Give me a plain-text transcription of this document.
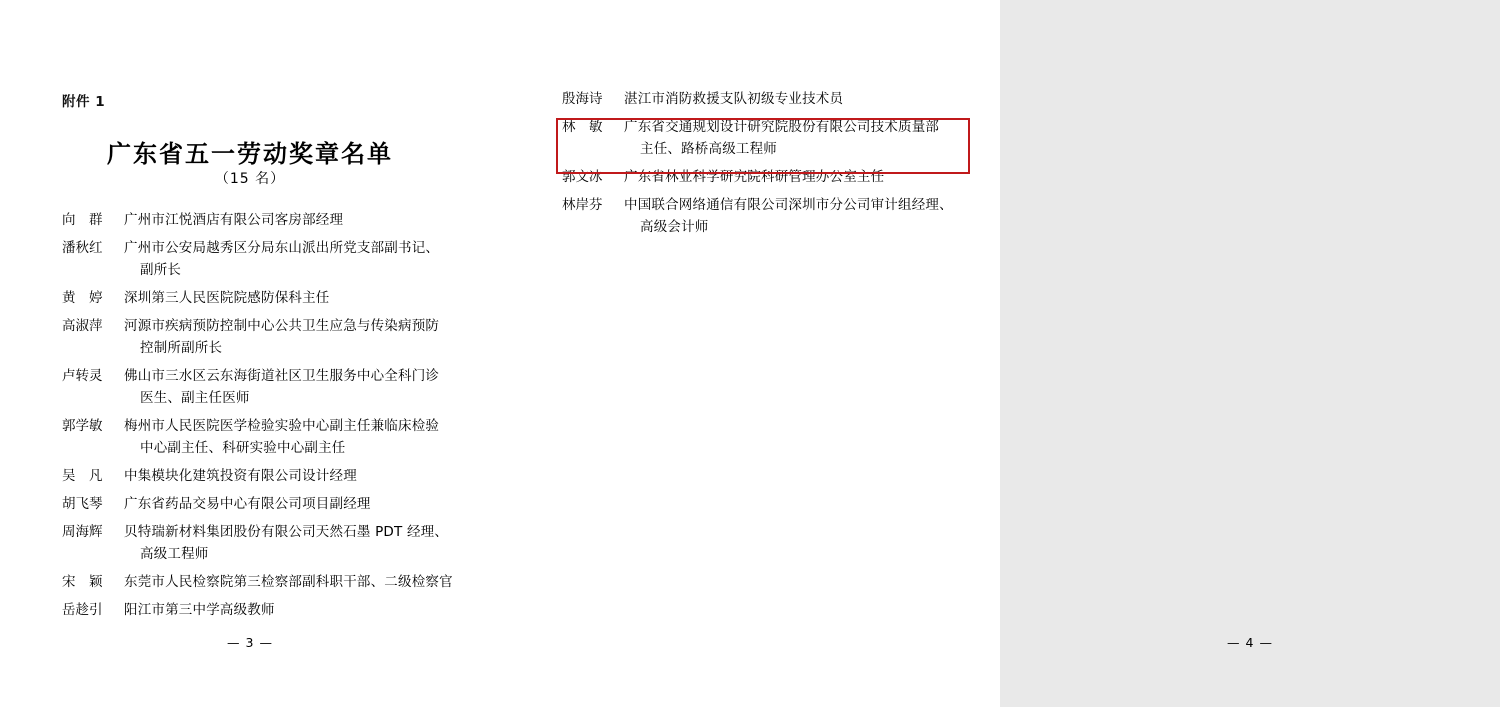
附件 1
广东省五一劳动奖章名单
（15 名）
向　群	广州市江悦酒店有限公司客房部经理
潘秋红	广州市公安局越秀区分局东山派出所党支部副书记、
副所长
黄　婷	深圳第三人民医院院感防保科主任
高淑萍	河源市疾病预防控制中心公共卫生应急与传染病预防
控制所副所长
卢转灵	佛山市三水区云东海街道社区卫生服务中心全科门诊
医生、副主任医师
郭学敏	梅州市人民医院医学检验实验中心副主任兼临床检验
中心副主任、科研实验中心副主任
吴　凡	中集模块化建筑投资有限公司设计经理
胡飞琴	广东省药品交易中心有限公司项目副经理
周海辉	贝特瑞新材料集团股份有限公司天然石墨 PDT 经理、
高级工程师
宋　颖	东莞市人民检察院第三检察部副科职干部、二级检察官
岳趁引	阳江市第三中学高级教师
— 3 —
殷海诗	湛江市消防救援支队初级专业技术员
林　敏	广东省交通规划设计研究院股份有限公司技术质量部
主任、路桥高级工程师
郭文冰	广东省林业科学研究院科研管理办公室主任
林岸芬	中国联合网络通信有限公司深圳市分公司审计组经理、
高级会计师
— 4 —
